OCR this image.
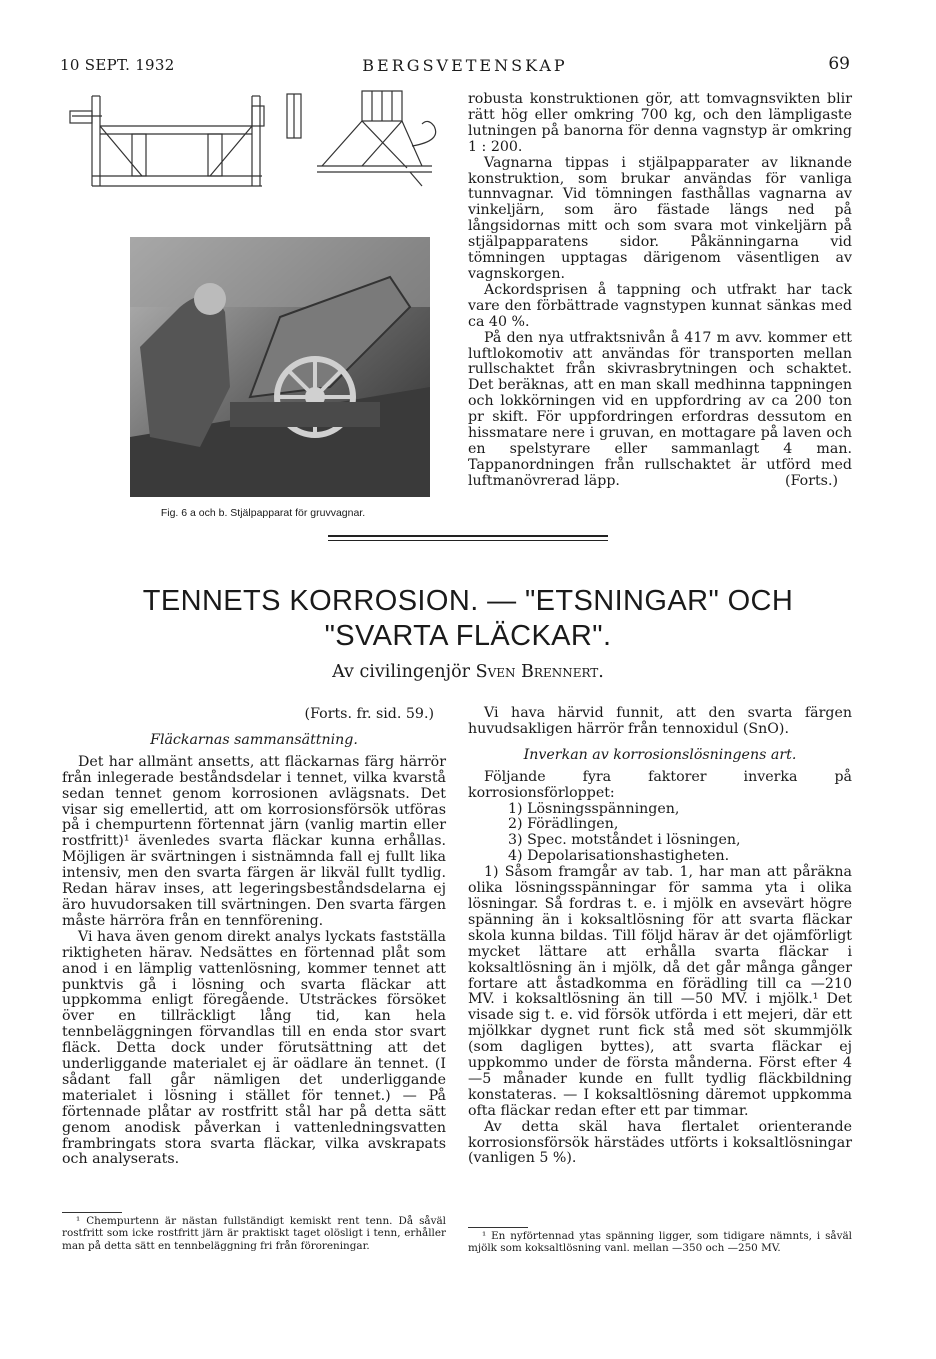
10 SEPT. 1932	BERGSVETENSKAP	69
Fig. 6 a och b. Stjälpapparat för gruvvagnar.

robusta konstruktionen gör, att tomvagnsvikten blir rätt hög eller omkring 700 kg, och den lämpligaste lutningen på banorna för denna vagnstyp är omkring 1 : 200.

Vagnarna tippas i stjälpapparater av liknande konstruktion, som brukar användas för vanliga tunnvagnar. Vid tömningen fasthållas vagnarna av vinkeljärn, som äro fästade längs ned på långsidornas mitt och som svara mot vinkeljärn på stjälpapparatens sidor. Påkänningarna vid tömningen upptagas därigenom väsentligen av vagnskorgen.

Ackordsprisen å tappning och utfrakt har tack vare den förbättrade vagnstypen kunnat sänkas med ca 40 %.

På den nya utfraktsnivån å 417 m avv. kommer ett luftlokomotiv att användas för transporten mellan rullschaktet från skivrasbrytningen och schaktet. Det beräknas, att en man skall medhinna tappningen och lokkörningen vid en uppfordring av ca 200 ton pr skift. För uppfordringen erfordras dessutom en hissmatare nere i gruvan, en mottagare på laven och en spelstyrare eller sammanlagt 4 man. Tappanordningen från rullschaktet är utförd med luftmanövrerad läpp.	(Forts.)
TENNETS KORROSION. — "ETSNINGAR" OCH
"SVARTA FLÄCKAR".
Av civilingenjör Sven Brennert.
(Forts. fr. sid. 59.)
Fläckarnas sammansättning.

Det har allmänt ansetts, att fläckarnas färg härrör från inlegerade beståndsdelar i tennet, vilka kvarstå sedan tennet genom korrosionen avlägsnats. Det visar sig emellertid, att om korrosionsförsök utföras på i chempurtenn förtennat järn (vanlig martin eller rostfritt)¹ ävenledes svarta fläckar kunna erhållas. Möjligen är svärtningen i sistnämnda fall ej fullt lika intensiv, men den svarta färgen är likväl fullt tydlig. Redan härav inses, att legeringsbeståndsdelarna ej äro huvudorsaken till svärtningen. Den svarta färgen måste härröra från en tennförening.

Vi hava även genom direkt analys lyckats fastställa riktigheten härav. Nedsättes en förtennad plåt som anod i en lämplig vattenlösning, kommer tennet att punktvis gå i lösning och svarta fläckar att uppkomma enligt föregående. Utsträckes försöket över en tillräckligt lång tid, kan hela tennbeläggningen förvandlas till en enda stor svart fläck. Detta dock under förutsättning att det underliggande materialet ej är oädlare än tennet. (I sådant fall går nämligen det underliggande materialet i lösning i stället för tennet.) — På förtennade plåtar av rostfritt stål har på detta sätt genom anodisk påverkan i vattenledningsvatten frambringats stora svarta fläckar, vilka avskrapats och analyserats.

¹ Chempurtenn är nästan fullständigt kemiskt rent tenn. Då såväl rostfritt som icke rostfritt järn är praktiskt taget olösligt i tenn, erhåller man på detta sätt en tennbeläggning fri från föroreningar.

Vi hava härvid funnit, att den svarta färgen huvudsakligen härrör från tennoxidul (SnO).

Inverkan av korrosionslösningens art.

Följande fyra faktorer inverka på korrosionsförloppet:

1) Lösningsspänningen,
2) Förädlingen,
3) Spec. motståndet i lösningen,
4) Depolarisationshastigheten.

1) Såsom framgår av tab. 1, har man att påräkna olika lösningsspänningar för samma yta i olika lösningar. Så fordras t. e. i mjölk en avsevärt högre spänning än i koksaltlösning för att svarta fläckar skola kunna bildas. Till följd härav är det ojämförligt mycket lättare att erhålla svarta fläckar i koksaltlösning än i mjölk, då det går många gånger fortare att åstadkomma en förädling till ca —210 MV. i koksaltlösning än till —50 MV. i mjölk.¹ Det visade sig t. e. vid försök utförda i ett mejeri, där ett mjölkkar dygnet runt fick stå med söt skummjölk (som dagligen byttes), att svarta fläckar ej uppkommo under de första månderna. Först efter 4—5 månader kunde en fullt tydlig fläckbildning konstateras. — I koksaltlösning däremot uppkomma ofta fläckar redan efter ett par timmar.

Av detta skäl hava flertalet orienterande korrosionsförsök härstädes utförts i koksaltlösningar (vanligen 5 %).

¹ En nyförtennad ytas spänning ligger, som tidigare nämnts, i såväl mjölk som koksaltlösning vanl. mellan —350 och —250 MV.
